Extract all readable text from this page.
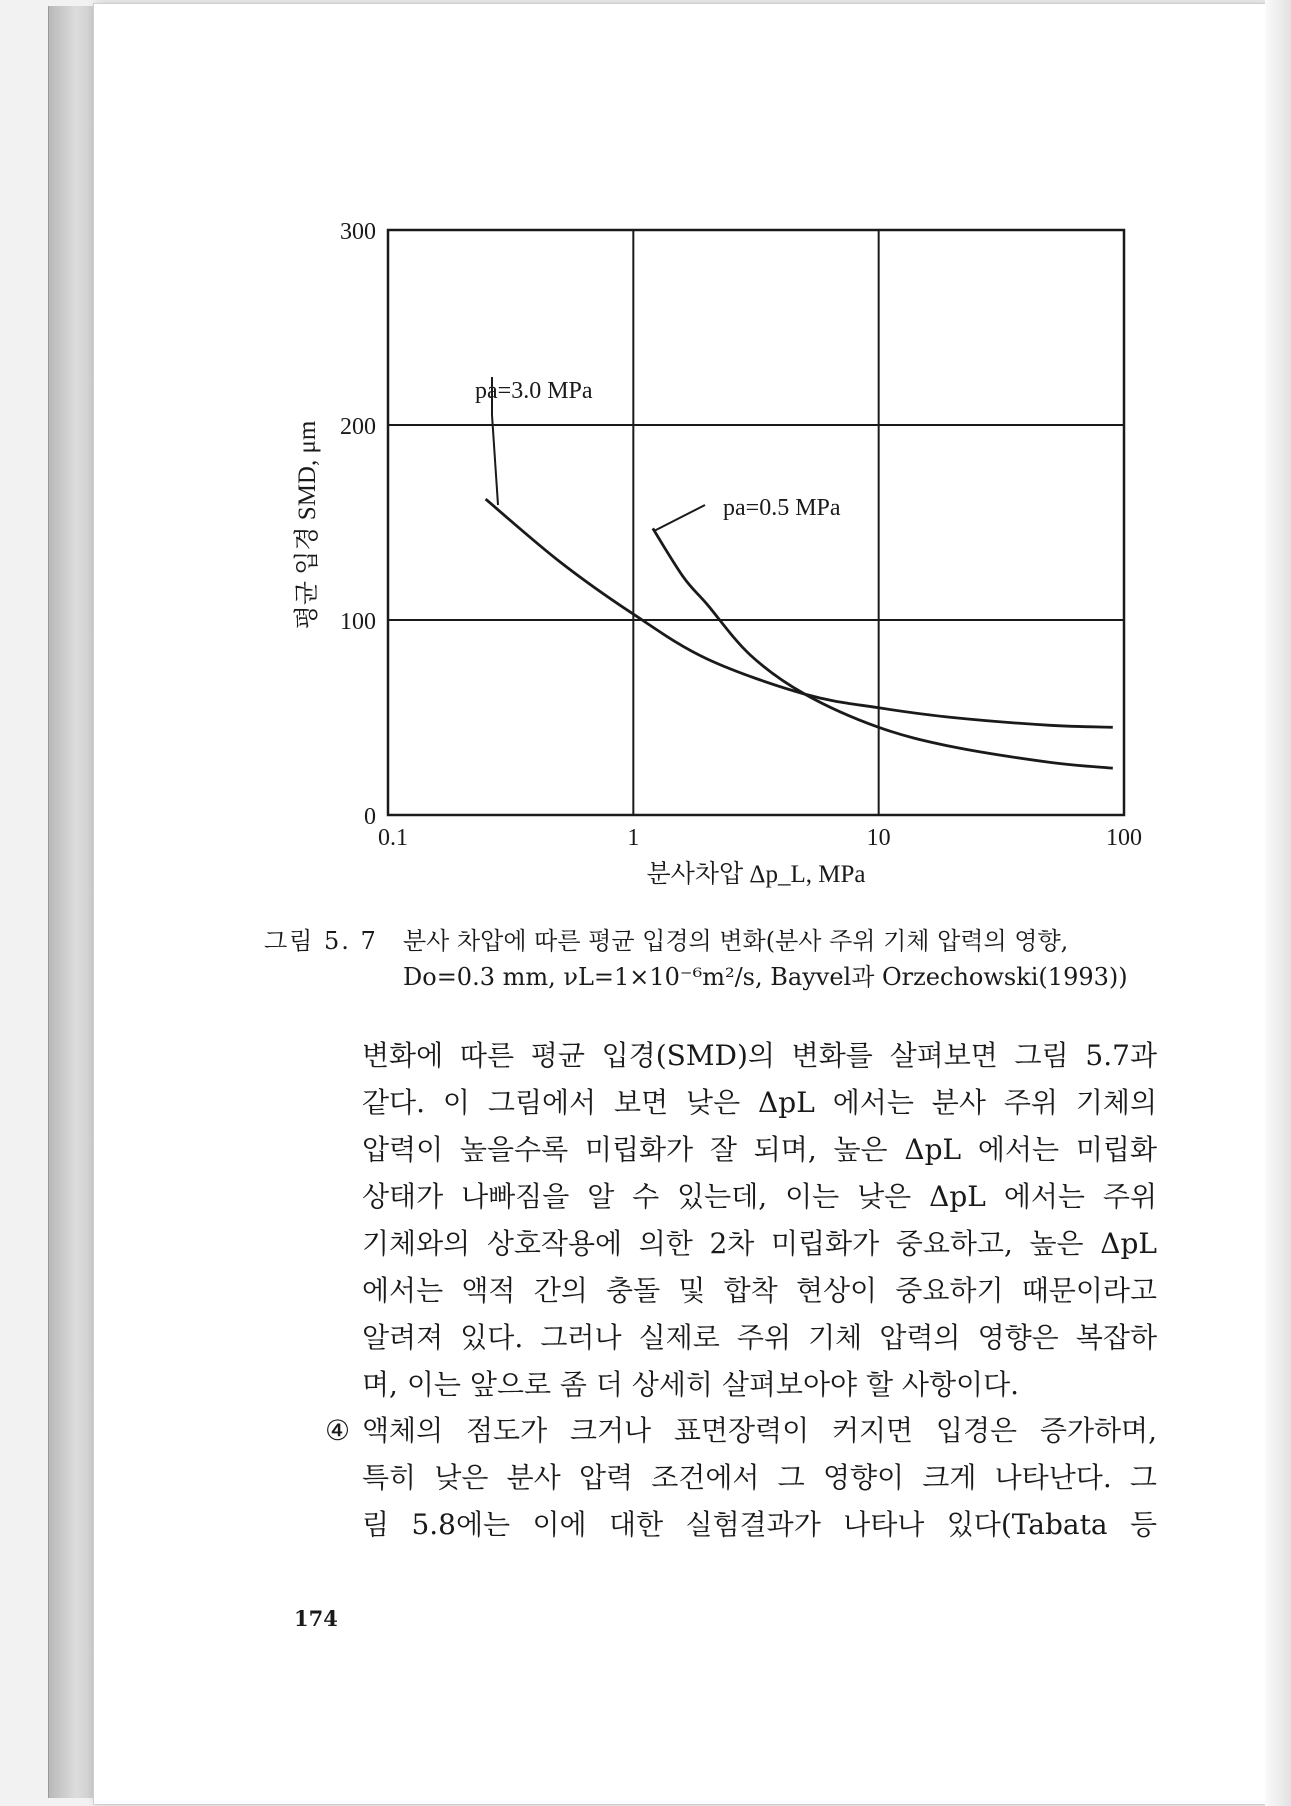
0
100
200
300
0.1	1	10	100
평균 입경 SMD, μm
분사차압 Δp_L, MPa
pa=3.0 MPa
pa=0.5 MPa
그림 5. 7 분사 차압에 따른 평균 입경의 변화(분사 주위 기체 압력의 영향,
Do=0.3 mm, νL=1×10⁻⁶m²/s, Bayvel과 Orzechowski(1993))
변화에 따른 평균 입경(SMD)의 변화를 살펴보면 그림 5.7과
같다. 이 그림에서 보면 낮은 ΔpL 에서는 분사 주위 기체의
압력이 높을수록 미립화가 잘 되며, 높은 ΔpL 에서는 미립화
상태가 나빠짐을 알 수 있는데, 이는 낮은 ΔpL 에서는 주위
기체와의 상호작용에 의한 2차 미립화가 중요하고, 높은 ΔpL
에서는 액적 간의 충돌 및 합착 현상이 중요하기 때문이라고
알려져 있다. 그러나 실제로 주위 기체 압력의 영향은 복잡하
며, 이는 앞으로 좀 더 상세히 살펴보아야 할 사항이다.
④ 액체의 점도가 크거나 표면장력이 커지면 입경은 증가하며,
특히 낮은 분사 압력 조건에서 그 영향이 크게 나타난다. 그
림 5.8에는 이에 대한 실험결과가 나타나 있다(Tabata 등
174
